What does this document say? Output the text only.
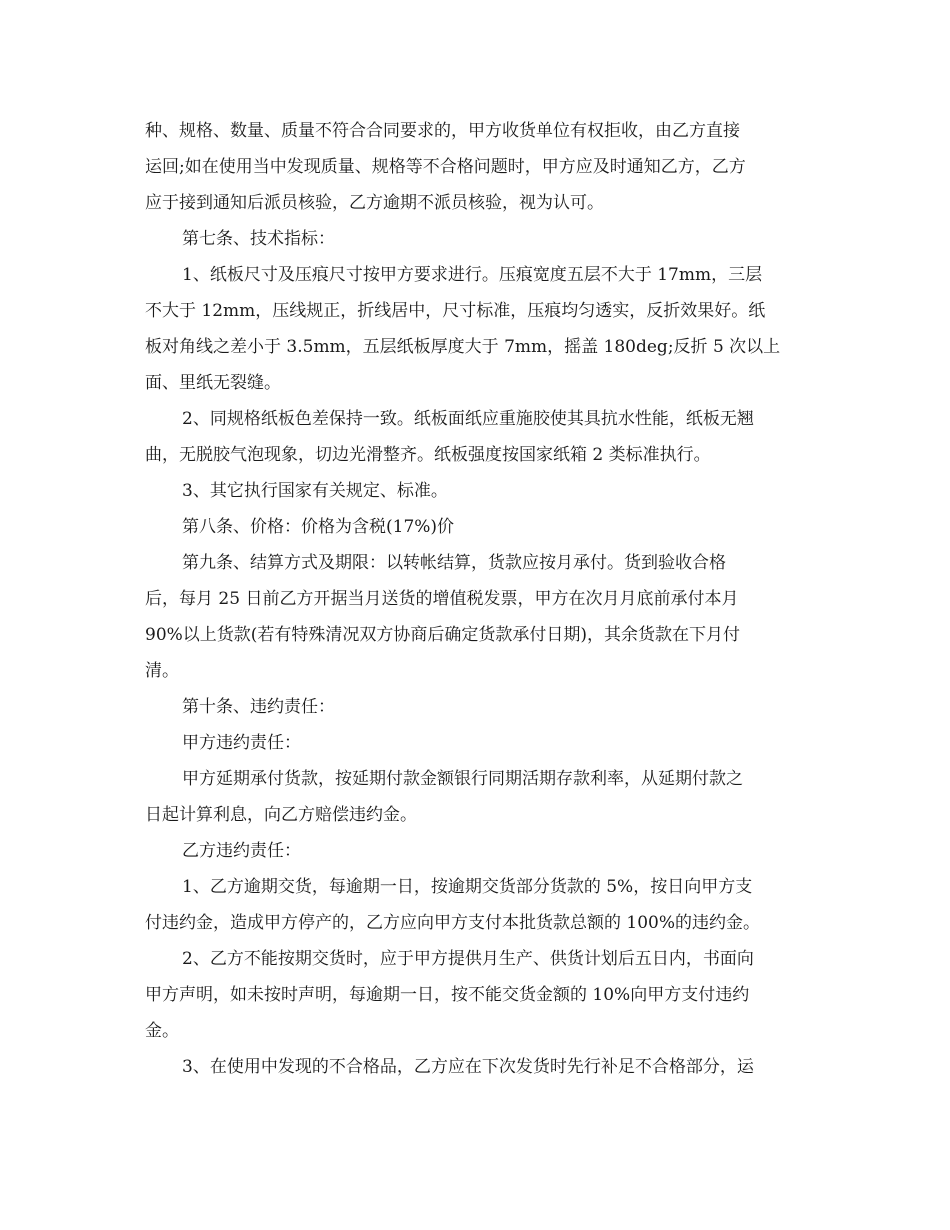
种、规格、数量、质量不符合合同要求的，甲方收货单位有权拒收，由乙方直接
运回;如在使用当中发现质量、规格等不合格问题时，甲方应及时通知乙方，乙方
应于接到通知后派员核验，乙方逾期不派员核验，视为认可。
第七条、技术指标：
1、纸板尺寸及压痕尺寸按甲方要求进行。压痕宽度五层不大于 17mm，三层
不大于 12mm，压线规正，折线居中，尺寸标准，压痕均匀透实，反折效果好。纸
板对角线之差小于 3.5mm，五层纸板厚度大于 7mm，摇盖 180deg;反折 5 次以上
面、里纸无裂缝。
2、同规格纸板色差保持一致。纸板面纸应重施胶使其具抗水性能，纸板无翘
曲，无脱胶气泡现象，切边光滑整齐。纸板强度按国家纸箱 2 类标准执行。
3、其它执行国家有关规定、标准。
第八条、价格：价格为含税(17%)价
第九条、结算方式及期限：以转帐结算，货款应按月承付。货到验收合格
后，每月 25 日前乙方开据当月送货的增值税发票，甲方在次月月底前承付本月
90%以上货款(若有特殊清况双方协商后确定货款承付日期)，其余货款在下月付
清。
第十条、违约责任：
甲方违约责任：
甲方延期承付货款，按延期付款金额银行同期活期存款利率，从延期付款之
日起计算利息，向乙方赔偿违约金。
乙方违约责任：
1、乙方逾期交货，每逾期一日，按逾期交货部分货款的 5%，按日向甲方支
付违约金，造成甲方停产的，乙方应向甲方支付本批货款总额的 100%的违约金。
2、乙方不能按期交货时，应于甲方提供月生产、供货计划后五日内，书面向
甲方声明，如未按时声明，每逾期一日，按不能交货金额的 10%向甲方支付违约
金。
3、在使用中发现的不合格品，乙方应在下次发货时先行补足不合格部分，运
